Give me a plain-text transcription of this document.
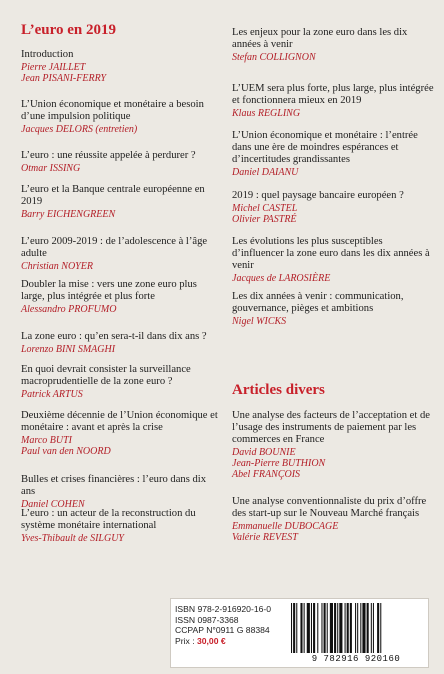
L’euro en 2019

Introduction

Pierre JAILLET
Jean PISANI-FERRY

L’Union économique et monétaire a besoin d’une impulsion politique

Jacques DELORS (entretien)

L’euro : une réussite appelée à perdurer ?

Otmar ISSING

L’euro et la Banque centrale européenne en 2019

Barry EICHENGREEN

L’euro 2009-2019 : de l’adolescence à l’âge adulte

Christian NOYER

Doubler la mise : vers une zone euro plus large, plus intégrée et plus forte

Alessandro PROFUMO

La zone euro : qu’en sera-t-il dans dix ans ?

Lorenzo BINI SMAGHI

En quoi devrait consister la surveillance macroprudentielle de la zone euro ?

Patrick ARTUS

Deuxième décennie de l’Union économique et monétaire : avant et après la crise

Marco BUTI
Paul van den NOORD

Bulles et crises financières : l’euro dans dix ans

Daniel COHEN

L’euro : un acteur de la reconstruction du système monétaire international

Yves-Thibault de SILGUY

Les enjeux pour la zone euro dans les dix années à venir

Stefan COLLIGNON

L’UEM sera plus forte, plus large, plus intégrée et fonctionnera mieux en 2019

Klaus REGLING

L’Union économique et monétaire : l’entrée dans une ère de moindres espérances et d’incertitudes grandissantes

Daniel DAIANU

2019 : quel paysage bancaire européen ?

Michel CASTEL
Olivier PASTRÉ

Les évolutions les plus susceptibles d’influencer la zone euro dans les dix années à venir

Jacques de LAROSIÈRE

Les dix années à venir : communication, gouvernance, pièges et ambitions

Nigel WICKS
Articles divers

Une analyse des facteurs de l’acceptation et de l’usage des instruments de paiement par les commerces en France

David BOUNIE
Jean-Pierre BUTHION
Abel FRANÇOIS

Une analyse conventionnaliste du prix d’offre des start-up sur le Nouveau Marché français

Emmanuelle DUBOCAGE
Valérie REVEST
ISBN 978-2-916920-16-0
ISSN 0987-3368
CCPAP N°0911 G 88384
Prix : 30,00 €
9 782916 920160
